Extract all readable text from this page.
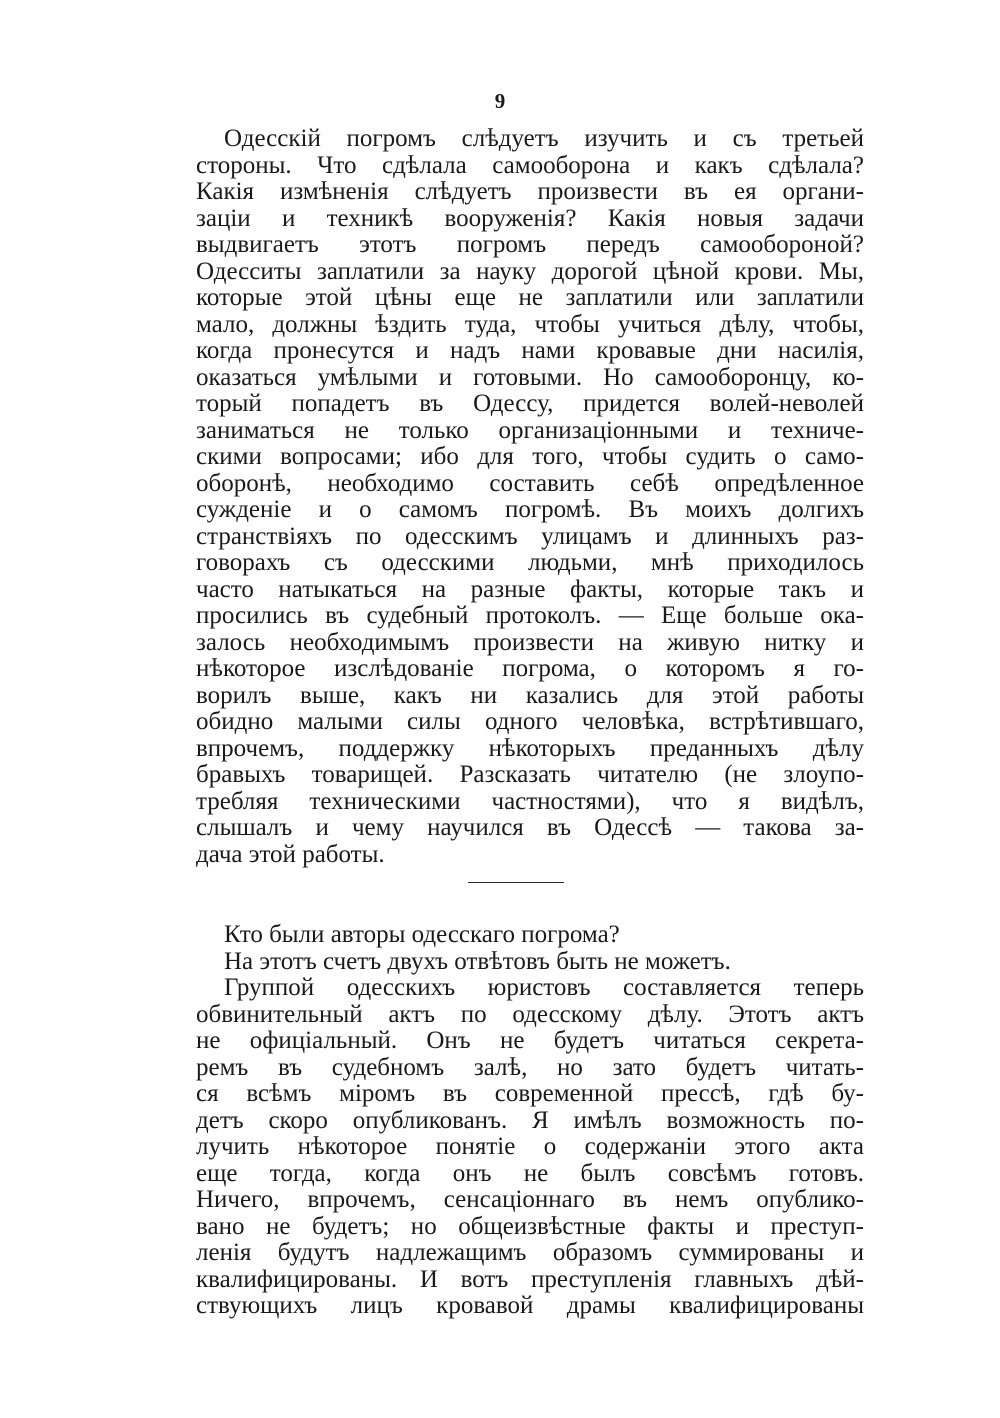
9
Одесскій погромъ слѣдуетъ изучить и съ третьей
стороны. Что сдѣлала самооборона и какъ сдѣлала?
Какія измѣненія слѣдуетъ произвести въ ея органи-
заціи и техникѣ вооруженія? Какія новыя задачи
выдвигаетъ этотъ погромъ передъ самообороной?
Одесситы заплатили за науку дорогой цѣной крови. Мы,
которые этой цѣны еще не заплатили или заплатили
мало, должны ѣздить туда, чтобы учиться дѣлу, чтобы,
когда пронесутся и надъ нами кровавые дни насилія,
оказаться умѣлыми и готовыми. Но самооборонцу, ко-
торый попадетъ въ Одессу, придется волей-неволей
заниматься не только организаціонными и техниче-
скими вопросами; ибо для того, чтобы судить о само-
оборонѣ, необходимо составить себѣ опредѣленное
сужденіе и о самомъ погромѣ. Въ моихъ долгихъ
странствіяхъ по одесскимъ улицамъ и длинныхъ раз-
говорахъ съ одесскими людьми, мнѣ приходилось
часто натыкаться на разные факты, которые такъ и
просились въ судебный протоколъ. — Еще больше ока-
залось необходимымъ произвести на живую нитку и
нѣкоторое изслѣдованіе погрома, о которомъ я го-
ворилъ выше, какъ ни казались для этой работы
обидно малыми силы одного человѣка, встрѣтившаго,
впрочемъ, поддержку нѣкоторыхъ преданныхъ дѣлу
бравыхъ товарищей. Разсказать читателю (не злоупо-
требляя техническими частностями), что я видѣлъ,
слышалъ и чему научился въ Одессѣ — такова за-
дача этой работы.
Кто были авторы одесскаго погрома?
На этотъ счетъ двухъ отвѣтовъ быть не можетъ.
Группой одесскихъ юристовъ составляется теперь
обвинительный актъ по одесскому дѣлу. Этотъ актъ
не офиціальный. Онъ не будетъ читаться секрета-
ремъ въ судебномъ залѣ, но зато будетъ читать-
ся всѣмъ міромъ въ современной прессѣ, гдѣ бу-
детъ скоро опубликованъ. Я имѣлъ возможность по-
лучить нѣкоторое понятіе о содержаніи этого акта
еще тогда, когда онъ не былъ совсѣмъ готовъ.
Ничего, впрочемъ, сенсаціоннаго въ немъ опублико-
вано не будетъ; но общеизвѣстные факты и преступ-
ленія будутъ надлежащимъ образомъ суммированы и
квалифицированы. И вотъ преступленія главныхъ дѣй-
ствующихъ лицъ кровавой драмы квалифицированы
